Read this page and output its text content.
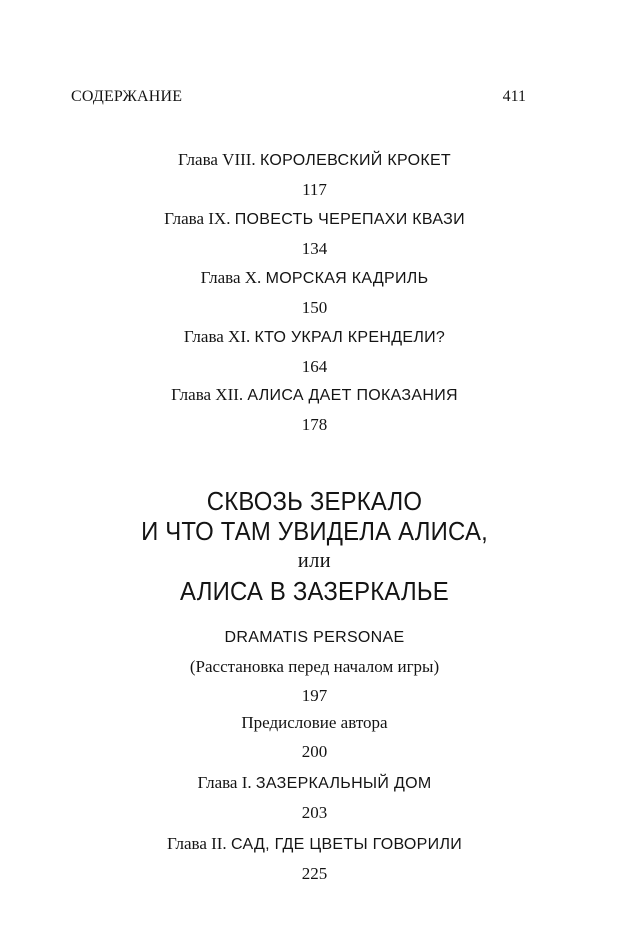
СОДЕРЖАНИЕ	411
Глава VIII. КОРОЛЕВСКИЙ КРОКЕТ
117
Глава IX. ПОВЕСТЬ ЧЕРЕПАХИ КВАЗИ
134
Глава X. МОРСКАЯ КАДРИЛЬ
150
Глава XI. КТО УКРАЛ КРЕНДЕЛИ?
164
Глава XII. АЛИСА ДАЕТ ПОКАЗАНИЯ
178
СКВОЗЬ ЗЕРКАЛО
И ЧТО ТАМ УВИДЕЛА АЛИСА,
или
АЛИСА В ЗАЗЕРКАЛЬЕ
DRAMATIS PERSONAE
(Расстановка перед началом игры)
197
Предисловие автора
200
Глава I. ЗАЗЕРКАЛЬНЫЙ ДОМ
203
Глава II. САД, ГДЕ ЦВЕТЫ ГОВОРИЛИ
225
